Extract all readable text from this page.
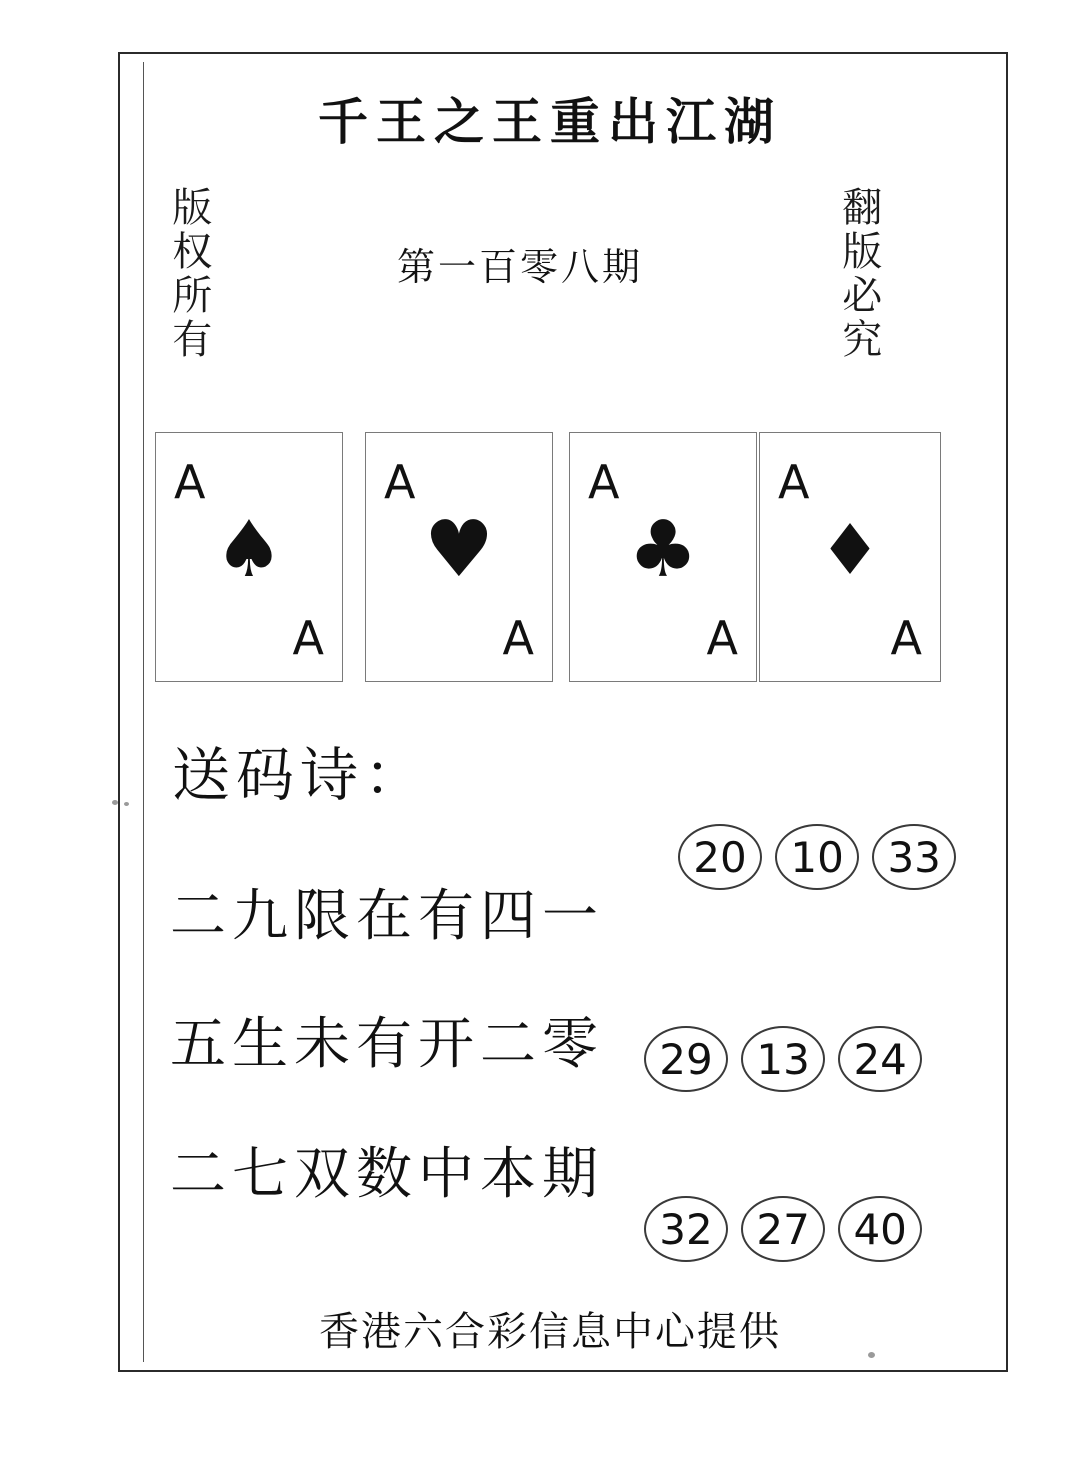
千王之王重出江湖
版权所有	翻版必究
第一百零八期
A
♠
A
A
♥
A
A
♣
A
A
♦
A
送码诗：
二九限在有四一
五生未有开二零
二七双数中本期
20 10 33
29 13 24
32 27 40
香港六合彩信息中心提供
